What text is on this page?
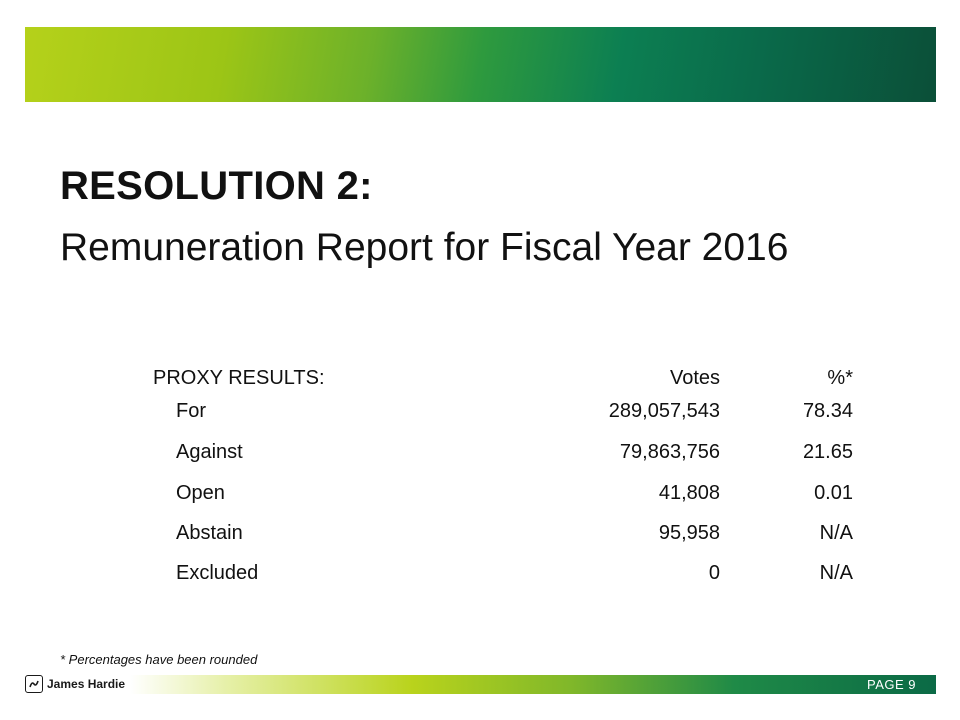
RESOLUTION 2:
Remuneration Report for Fiscal Year 2016
PROXY RESULTS:	Votes	%*
For	289,057,543	78.34
Against	79,863,756	21.65
Open	41,808	0.01
Abstain	95,958	N/A
Excluded	0	N/A
* Percentages have been rounded
James Hardie	PAGE 9
